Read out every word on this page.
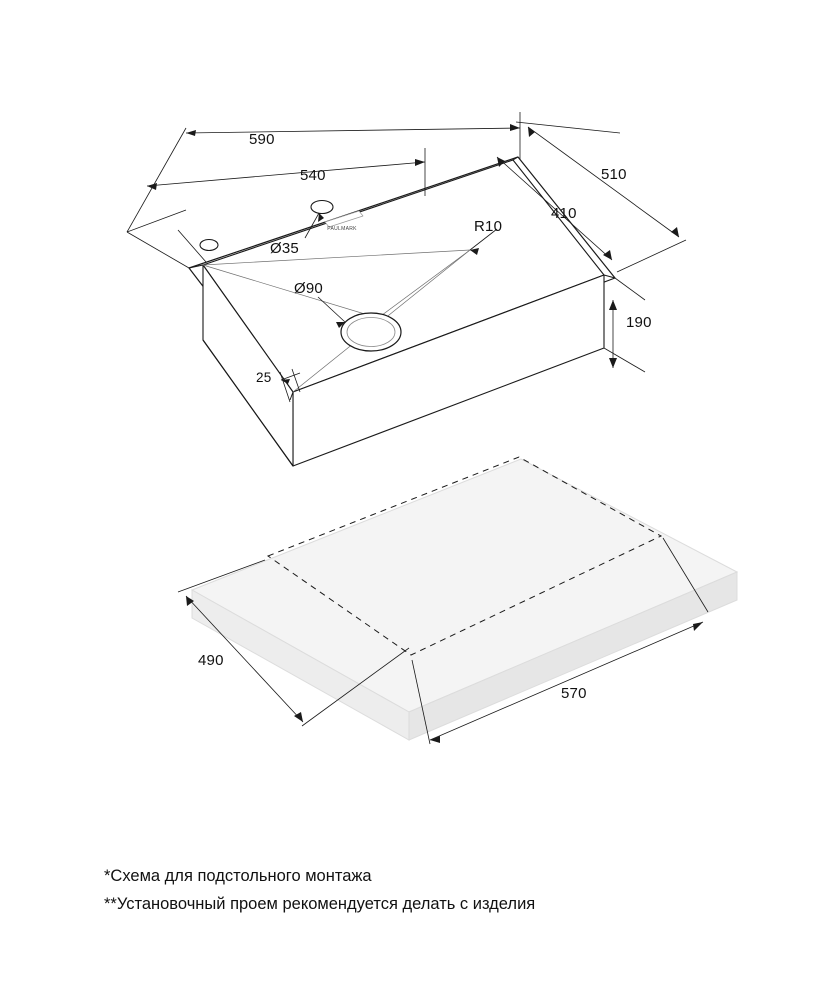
590
540	510
410
Ø35
R10
Ø90
190
25
490
570
PAULMARK
*Схема для подстольного монтажа
**Установочный проем рекомендуется делать с изделия
